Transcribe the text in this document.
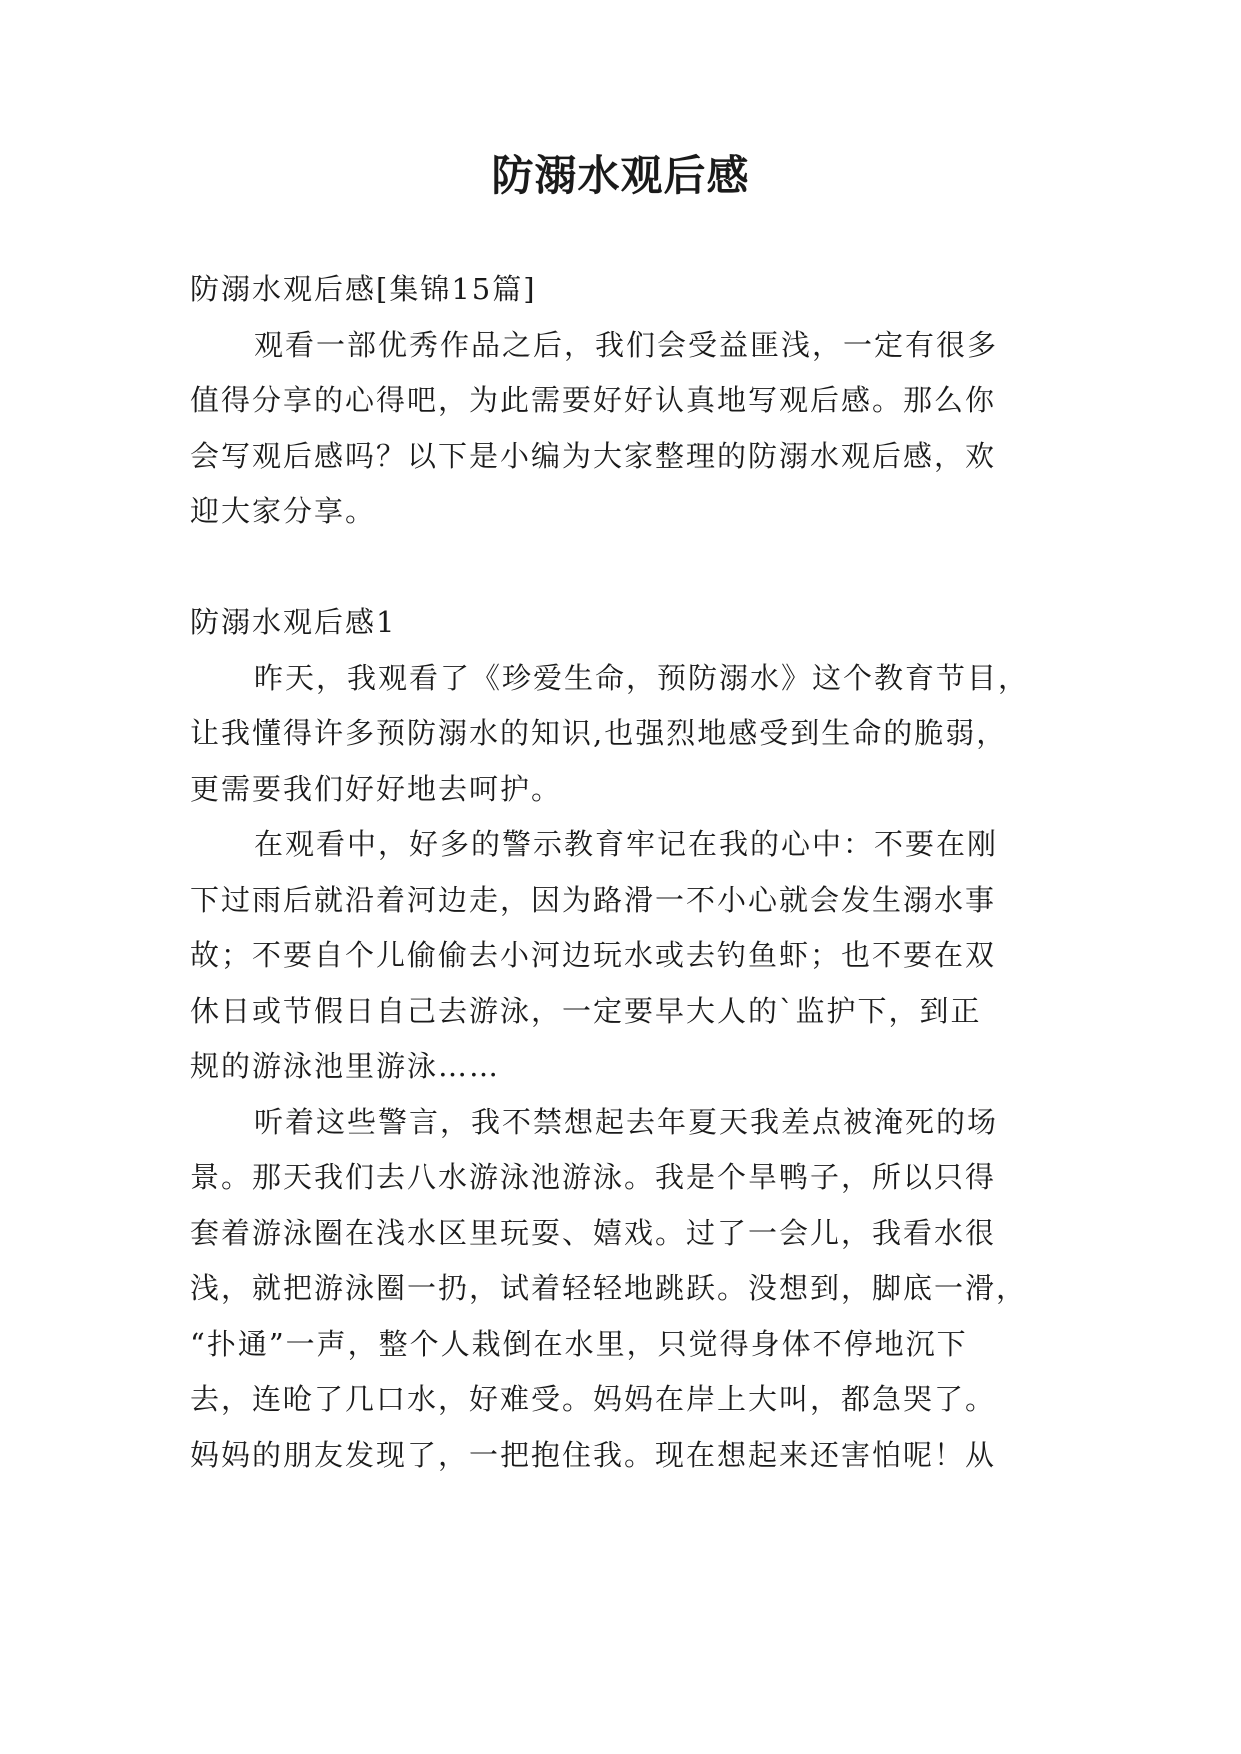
防溺水观后感
防溺水观后感[集锦15篇]
观看一部优秀作品之后，我们会受益匪浅，一定有很多
值得分享的心得吧，为此需要好好认真地写观后感。那么你
会写观后感吗？以下是小编为大家整理的防溺水观后感，欢
迎大家分享。
防溺水观后感1
昨天，我观看了《珍爱生命，预防溺水》这个教育节目，
让我懂得许多预防溺水的知识,也强烈地感受到生命的脆弱，
更需要我们好好地去呵护。
在观看中，好多的警示教育牢记在我的心中：不要在刚
下过雨后就沿着河边走，因为路滑一不小心就会发生溺水事
故；不要自个儿偷偷去小河边玩水或去钓鱼虾；也不要在双
休日或节假日自己去游泳，一定要早大人的`监护下，到正
规的游泳池里游泳……
听着这些警言，我不禁想起去年夏天我差点被淹死的场
景。那天我们去八水游泳池游泳。我是个旱鸭子，所以只得
套着游泳圈在浅水区里玩耍、嬉戏。过了一会儿，我看水很
浅，就把游泳圈一扔，试着轻轻地跳跃。没想到，脚底一滑，
“扑通”一声，整个人栽倒在水里，只觉得身体不停地沉下
去，连呛了几口水，好难受。妈妈在岸上大叫，都急哭了。
妈妈的朋友发现了，一把抱住我。现在想起来还害怕呢！从
